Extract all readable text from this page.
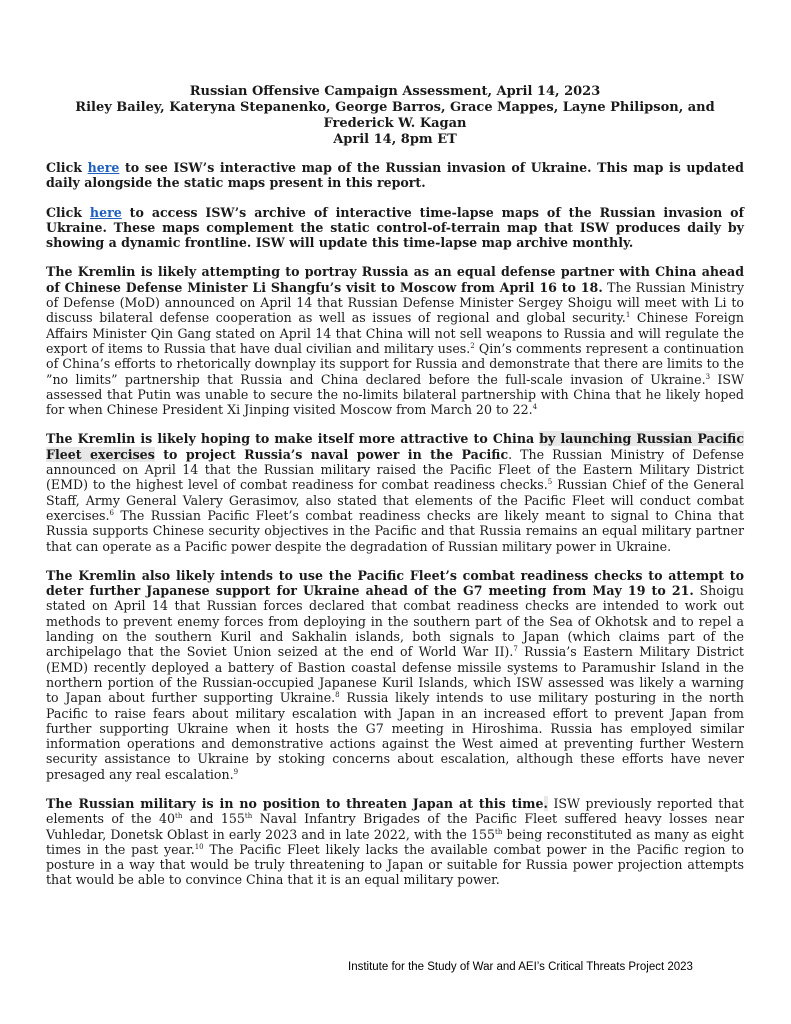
Russian Offensive Campaign Assessment, April 14, 2023
Riley Bailey, Kateryna Stepanenko, George Barros, Grace Mappes, Layne Philipson, and
Frederick W. Kagan
April 14, 8pm ET

Click here to see ISW’s interactive map of the Russian invasion of Ukraine. This map is updated daily alongside the static maps present in this report.

Click here to access ISW’s archive of interactive time-lapse maps of the Russian invasion of Ukraine. These maps complement the static control-of-terrain map that ISW produces daily by showing a dynamic frontline. ISW will update this time-lapse map archive monthly.

The Kremlin is likely attempting to portray Russia as an equal defense partner with China ahead of Chinese Defense Minister Li Shangfu’s visit to Moscow from April 16 to 18. The Russian Ministry of Defense (MoD) announced on April 14 that Russian Defense Minister Sergey Shoigu will meet with Li to discuss bilateral defense cooperation as well as issues of regional and global security.$^1$ Chinese Foreign Affairs Minister Qin Gang stated on April 14 that China will not sell weapons to Russia and will regulate the export of items to Russia that have dual civilian and military uses.$^2$ Qin’s comments represent a continuation of China’s efforts to rhetorically downplay its support for Russia and demonstrate that there are limits to the ”no limits” partnership that Russia and China declared before the full-scale invasion of Ukraine.$^3$ ISW assessed that Putin was unable to secure the no-limits bilateral partnership with China that he likely hoped for when Chinese President Xi Jinping visited Moscow from March 20 to 22.$^4$

The Kremlin is likely hoping to make itself more attractive to China by launching Russian Pacific Fleet exercises to project Russia’s naval power in the Pacific. The Russian Ministry of Defense announced on April 14 that the Russian military raised the Pacific Fleet of the Eastern Military District (EMD) to the highest level of combat readiness for combat readiness checks.$^5$ Russian Chief of the General Staff, Army General Valery Gerasimov, also stated that elements of the Pacific Fleet will conduct combat exercises.$^6$ The Russian Pacific Fleet’s combat readiness checks are likely meant to signal to China that Russia supports Chinese security objectives in the Pacific and that Russia remains an equal military partner that can operate as a Pacific power despite the degradation of Russian military power in Ukraine.

The Kremlin also likely intends to use the Pacific Fleet’s combat readiness checks to attempt to deter further Japanese support for Ukraine ahead of the G7 meeting from May 19 to 21. Shoigu stated on April 14 that Russian forces declared that combat readiness checks are intended to work out methods to prevent enemy forces from deploying in the southern part of the Sea of Okhotsk and to repel a landing on the southern Kuril and Sakhalin islands, both signals to Japan (which claims part of the archipelago that the Soviet Union seized at the end of World War II).$^7$ Russia’s Eastern Military District (EMD) recently deployed a battery of Bastion coastal defense missile systems to Paramushir Island in the northern portion of the Russian-occupied Japanese Kuril Islands, which ISW assessed was likely a warning to Japan about further supporting Ukraine.$^8$ Russia likely intends to use military posturing in the north Pacific to raise fears about military escalation with Japan in an increased effort to prevent Japan from further supporting Ukraine when it hosts the G7 meeting in Hiroshima. Russia has employed similar information operations and demonstrative actions against the West aimed at preventing further Western security assistance to Ukraine by stoking concerns about escalation, although these efforts have never presaged any real escalation.$^9$

The Russian military is in no position to threaten Japan at this time. ISW previously reported that elements of the 40th and 155th Naval Infantry Brigades of the Pacific Fleet suffered heavy losses near Vuhledar, Donetsk Oblast in early 2023 and in late 2022, with the 155th being reconstituted as many as eight times in the past year.$^{10}$ The Pacific Fleet likely lacks the available combat power in the Pacific region to posture in a way that would be truly threatening to Japan or suitable for Russia power projection attempts that would be able to convince China that it is an equal military power.

Institute for the Study of War and AEI’s Critical Threats Project 2023
